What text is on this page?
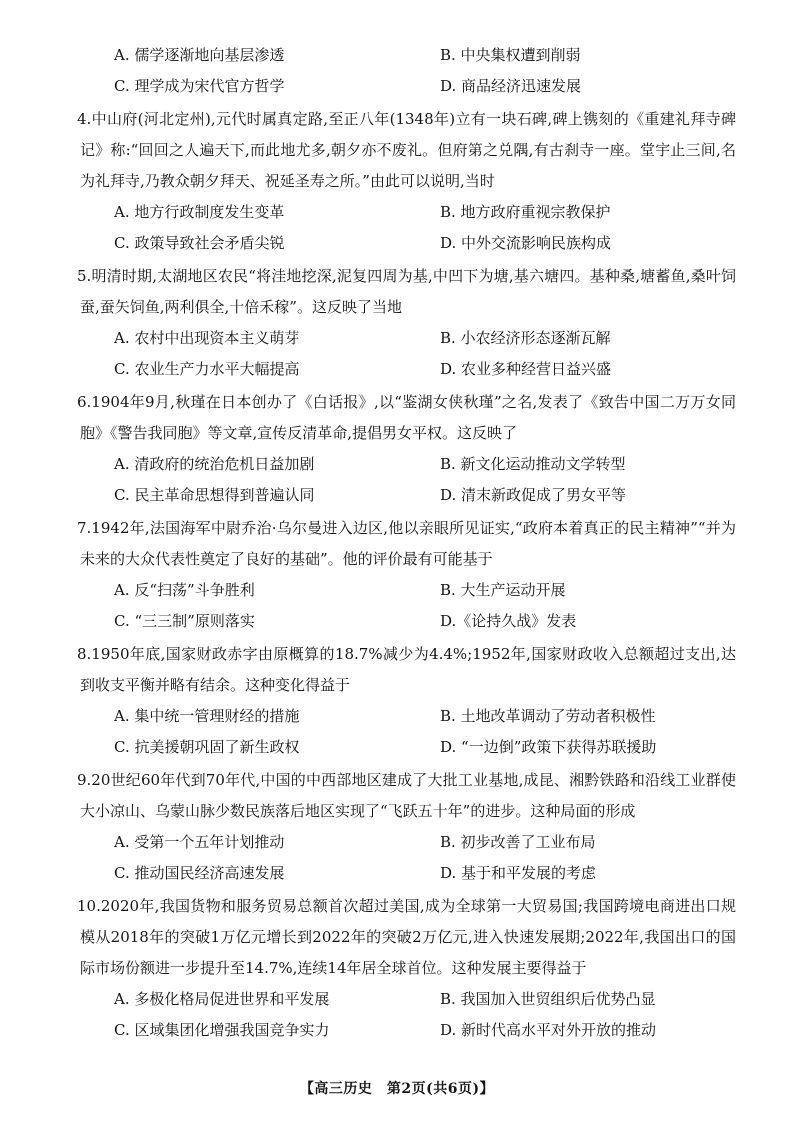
A. 儒学逐渐地向基层渗透	B. 中央集权遭到削弱
C. 理学成为宋代官方哲学	D. 商品经济迅速发展
4.中山府(河北定州),元代时属真定路,至正八年(1348年)立有一块石碑,碑上镌刻的《重建礼拜寺碑记》称:“回回之人遍天下,而此地尤多,朝夕亦不废礼。但府第之兑隅,有古刹寺一座。堂宇止三间,名为礼拜寺,乃教众朝夕拜天、祝延圣寿之所。”由此可以说明,当时
A. 地方行政制度发生变革	B. 地方政府重视宗教保护
C. 政策导致社会矛盾尖锐	D. 中外交流影响民族构成
5.明清时期,太湖地区农民“将洼地挖深,泥复四周为基,中凹下为塘,基六塘四。基种桑,塘蓄鱼,桑叶饲蚕,蚕矢饲鱼,两利俱全,十倍禾稼”。这反映了当地
A. 农村中出现资本主义萌芽	B. 小农经济形态逐渐瓦解
C. 农业生产力水平大幅提高	D. 农业多种经营日益兴盛
6.1904年9月,秋瑾在日本创办了《白话报》,以“鉴湖女侠秋瑾”之名,发表了《致告中国二万万女同胞》《警告我同胞》等文章,宣传反清革命,提倡男女平权。这反映了
A. 清政府的统治危机日益加剧	B. 新文化运动推动文学转型
C. 民主革命思想得到普遍认同	D. 清末新政促成了男女平等
7.1942年,法国海军中尉乔治·乌尔曼进入边区,他以亲眼所见证实,“政府本着真正的民主精神”“并为未来的大众代表性奠定了良好的基础”。他的评价最有可能基于
A. 反“扫荡”斗争胜利	B. 大生产运动开展
C. “三三制”原则落实	D.《论持久战》发表
8.1950年底,国家财政赤字由原概算的18.7%减少为4.4%;1952年,国家财政收入总额超过支出,达到收支平衡并略有结余。这种变化得益于
A. 集中统一管理财经的措施	B. 土地改革调动了劳动者积极性
C. 抗美援朝巩固了新生政权	D. “一边倒”政策下获得苏联援助
9.20世纪60年代到70年代,中国的中西部地区建成了大批工业基地,成昆、湘黔铁路和沿线工业群使大小凉山、乌蒙山脉少数民族落后地区实现了“飞跃五十年”的进步。这种局面的形成
A. 受第一个五年计划推动	B. 初步改善了工业布局
C. 推动国民经济高速发展	D. 基于和平发展的考虑
10.2020年,我国货物和服务贸易总额首次超过美国,成为全球第一大贸易国;我国跨境电商进出口规模从2018年的突破1万亿元增长到2022年的突破2万亿元,进入快速发展期;2022年,我国出口的国际市场份额进一步提升至14.7%,连续14年居全球首位。这种发展主要得益于
A. 多极化格局促进世界和平发展	B. 我国加入世贸组织后优势凸显
C. 区域集团化增强我国竞争实力	D. 新时代高水平对外开放的推动
【高三历史　第2页(共6页)】
